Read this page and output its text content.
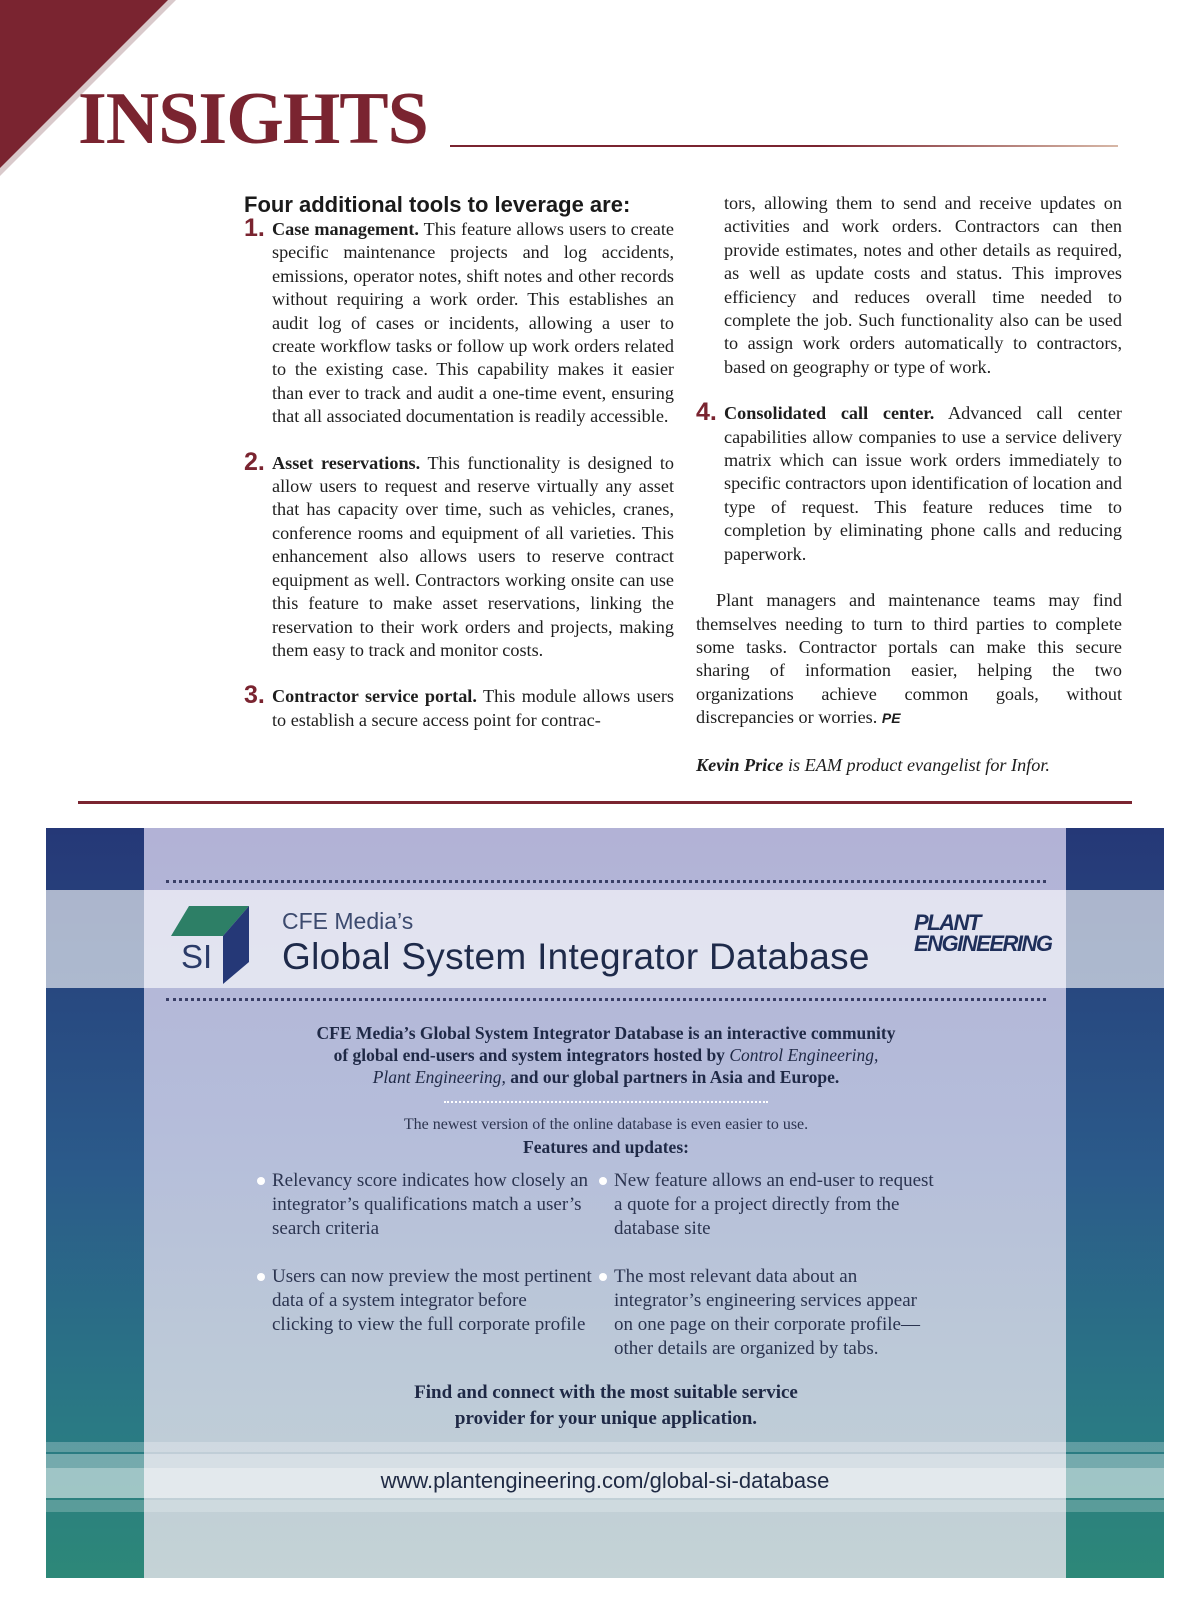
INSIGHTS
Four additional tools to leverage are:
1. Case management. This feature allows users to create specific maintenance projects and log accidents, emissions, operator notes, shift notes and other records without requiring a work order. This establishes an audit log of cases or incidents, allowing a user to create workflow tasks or follow up work orders related to the existing case. This capability makes it easier than ever to track and audit a one-time event, ensuring that all associated documentation is readily accessible.
2. Asset reservations. This functionality is designed to allow users to request and reserve virtually any asset that has capacity over time, such as vehicles, cranes, conference rooms and equipment of all varieties. This enhancement also allows users to reserve contract equipment as well. Contractors working onsite can use this feature to make asset reservations, linking the reservation to their work orders and projects, making them easy to track and monitor costs.
3. Contractor service portal. This module allows users to establish a secure access point for contrac-
tors, allowing them to send and receive updates on activities and work orders. Contractors can then provide estimates, notes and other details as required, as well as update costs and status. This improves efficiency and reduces overall time needed to complete the job. Such functionality also can be used to assign work orders automatically to contractors, based on geography or type of work.
4. Consolidated call center. Advanced call center capabilities allow companies to use a service delivery matrix which can issue work orders immediately to specific contractors upon identification of location and type of request. This feature reduces time to completion by eliminating phone calls and reducing paperwork.
Plant managers and maintenance teams may find themselves needing to turn to third parties to complete some tasks. Contractor portals can make this secure sharing of information easier, helping the two organizations achieve common goals, without discrepancies or worries. PE
Kevin Price is EAM product evangelist for Infor.
SI
CFE Media’s
Global System Integrator Database
PLANT
ENGINEERING
CFE Media’s Global System Integrator Database is an interactive community
of global end-users and system integrators hosted by Control Engineering,
Plant Engineering, and our global partners in Asia and Europe.
The newest version of the online database is even easier to use.
Features and updates:
Relevancy score indicates how closely an integrator’s qualifications match a user’s search criteria
New feature allows an end-user to request a quote for a project directly from the database site
Users can now preview the most pertinent data of a system integrator before clicking to view the full corporate profile
The most relevant data about an integrator’s engineering services appear on one page on their corporate profile—other details are organized by tabs.
Find and connect with the most suitable service
provider for your unique application.
www.plantengineering.com/global-si-database
